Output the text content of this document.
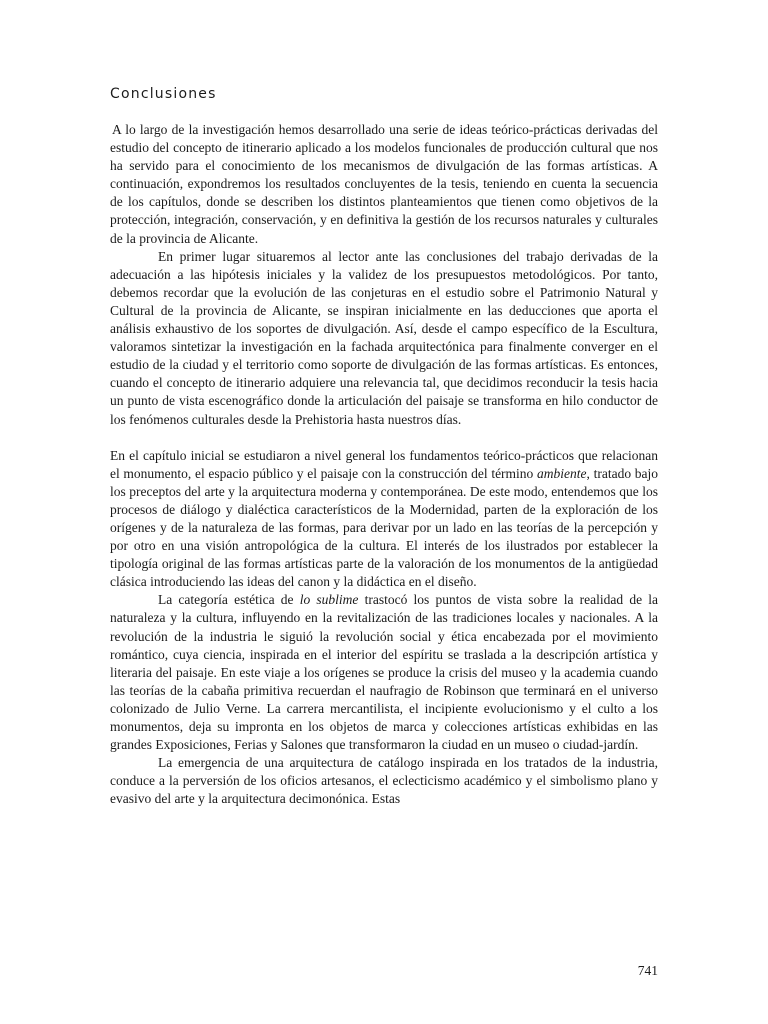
Conclusiones

A lo largo de la investigación hemos desarrollado una serie de ideas teórico-prácticas derivadas del estudio del concepto de itinerario aplicado a los modelos funcionales de producción cultural que nos ha servido para el conocimiento de los mecanismos de divulgación de las formas artísticas. A continuación, expondremos los resultados concluyentes de la tesis, teniendo en cuenta la secuencia de los capítulos, donde se describen los distintos planteamientos que tienen como objetivos de la protección, integración, conservación, y en definitiva la gestión de los recursos naturales y culturales de la provincia de Alicante.

En primer lugar situaremos al lector ante las conclusiones del trabajo derivadas de la adecuación a las hipótesis iniciales y la validez de los presupuestos metodológicos. Por tanto, debemos recordar que la evolución de las conjeturas en el estudio sobre el Patrimonio Natural y Cultural de la provincia de Alicante, se inspiran inicialmente en las deducciones que aporta el análisis exhaustivo de los soportes de divulgación. Así, desde el campo específico de la Escultura, valoramos sintetizar la investigación en la fachada arquitectónica para finalmente converger en el estudio de la ciudad y el territorio como soporte de divulgación de las formas artísticas. Es entonces, cuando el concepto de itinerario adquiere una relevancia tal, que decidimos reconducir la tesis hacia un punto de vista escenográfico donde la articulación del paisaje se transforma en hilo conductor de los fenómenos culturales desde la Prehistoria hasta nuestros días.

En el capítulo inicial se estudiaron a nivel general los fundamentos teórico-prácticos que relacionan el monumento, el espacio público y el paisaje con la construcción del término ambiente, tratado bajo los preceptos del arte y la arquitectura moderna y contemporánea. De este modo, entendemos que los procesos de diálogo y dialéctica característicos de la Modernidad, parten de la exploración de los orígenes y de la naturaleza de las formas, para derivar por un lado en las teorías de la percepción y por otro en una visión antropológica de la cultura. El interés de los ilustrados por establecer la tipología original de las formas artísticas parte de la valoración de los monumentos de la antigüedad clásica introduciendo las ideas del canon y la didáctica en el diseño.

La categoría estética de lo sublime trastocó los puntos de vista sobre la realidad de la naturaleza y la cultura, influyendo en la revitalización de las tradiciones locales y nacionales. A la revolución de la industria le siguió la revolución social y ética encabezada por el movimiento romántico, cuya ciencia, inspirada en el interior del espíritu se traslada a la descripción artística y literaria del paisaje. En este viaje a los orígenes se produce la crisis del museo y la academia cuando las teorías de la cabaña primitiva recuerdan el naufragio de Robinson que terminará en el universo colonizado de Julio Verne. La carrera mercantilista, el incipiente evolucionismo y el culto a los monumentos, deja su impronta en los objetos de marca y colecciones artísticas exhibidas en las grandes Exposiciones, Ferias y Salones que transformaron la ciudad en un museo o ciudad-jardín.

La emergencia de una arquitectura de catálogo inspirada en los tratados de la industria, conduce a la perversión de los oficios artesanos, el eclecticismo académico y el simbolismo plano y evasivo del arte y la arquitectura decimonónica. Estas

741
